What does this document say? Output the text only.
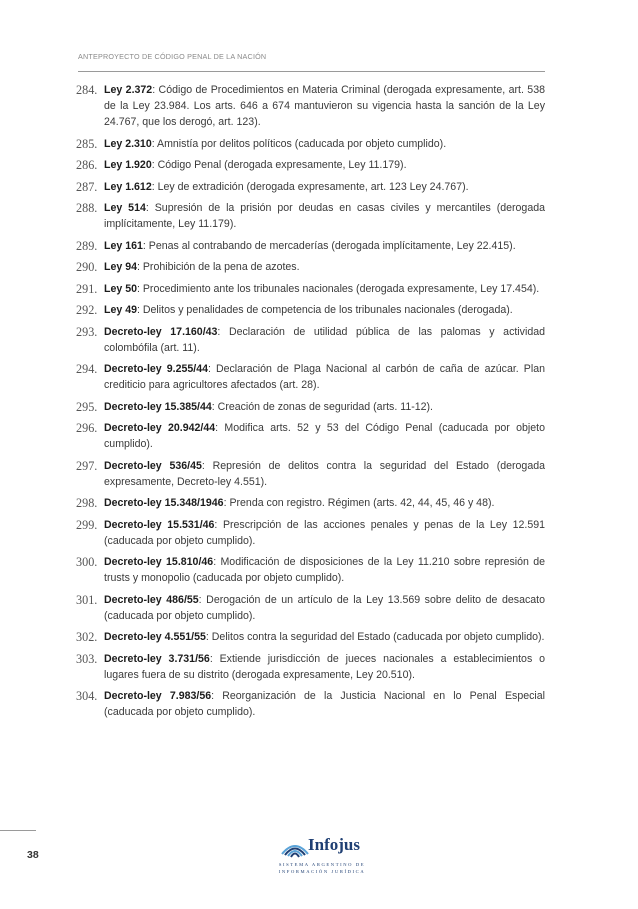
ANTEPROYECTO DE CÓDIGO PENAL DE LA NACIÓN
284. Ley 2.372: Código de Procedimientos en Materia Criminal (derogada expresamente, art. 538 de la Ley 23.984. Los arts. 646 a 674 mantuvieron su vigencia hasta la sanción de la Ley 24.767, que los derogó, art. 123).
285. Ley 2.310: Amnistía por delitos políticos (caducada por objeto cumplido).
286. Ley 1.920: Código Penal (derogada expresamente, Ley 11.179).
287. Ley 1.612: Ley de extradición (derogada expresamente, art. 123 Ley 24.767).
288. Ley 514: Supresión de la prisión por deudas en casas civiles y mercantiles (derogada implícitamente, Ley 11.179).
289. Ley 161: Penas al contrabando de mercaderías (derogada implícitamente, Ley 22.415).
290. Ley 94: Prohibición de la pena de azotes.
291. Ley 50: Procedimiento ante los tribunales nacionales (derogada expresamente, Ley 17.454).
292. Ley 49: Delitos y penalidades de competencia de los tribunales nacionales (derogada).
293. Decreto-ley 17.160/43: Declaración de utilidad pública de las palomas y actividad colombófila (art. 11).
294. Decreto-ley 9.255/44: Declaración de Plaga Nacional al carbón de caña de azúcar. Plan crediticio para agricultores afectados (art. 28).
295. Decreto-ley 15.385/44: Creación de zonas de seguridad (arts. 11-12).
296. Decreto-ley 20.942/44: Modifica arts. 52 y 53 del Código Penal (caducada por objeto cumplido).
297. Decreto-ley 536/45: Represión de delitos contra la seguridad del Estado (derogada expresamente, Decreto-ley 4.551).
298. Decreto-ley 15.348/1946: Prenda con registro. Régimen (arts. 42, 44, 45, 46 y 48).
299. Decreto-ley 15.531/46: Prescripción de las acciones penales y penas de la Ley 12.591 (caducada por objeto cumplido).
300. Decreto-ley 15.810/46: Modificación de disposiciones de la Ley 11.210 sobre represión de trusts y monopolio (caducada por objeto cumplido).
301. Decreto-ley 486/55: Derogación de un artículo de la Ley 13.569 sobre delito de desacato (caducada por objeto cumplido).
302. Decreto-ley 4.551/55: Delitos contra la seguridad del Estado (caducada por objeto cumplido).
303. Decreto-ley 3.731/56: Extiende jurisdicción de jueces nacionales a establecimientos o lugares fuera de su distrito (derogada expresamente, Ley 20.510).
304. Decreto-ley 7.983/56: Reorganización de la Justicia Nacional en lo Penal Especial (caducada por objeto cumplido).
38
Infojus
SISTEMA ARGENTINO DE
INFORMACIÓN JURÍDICA
